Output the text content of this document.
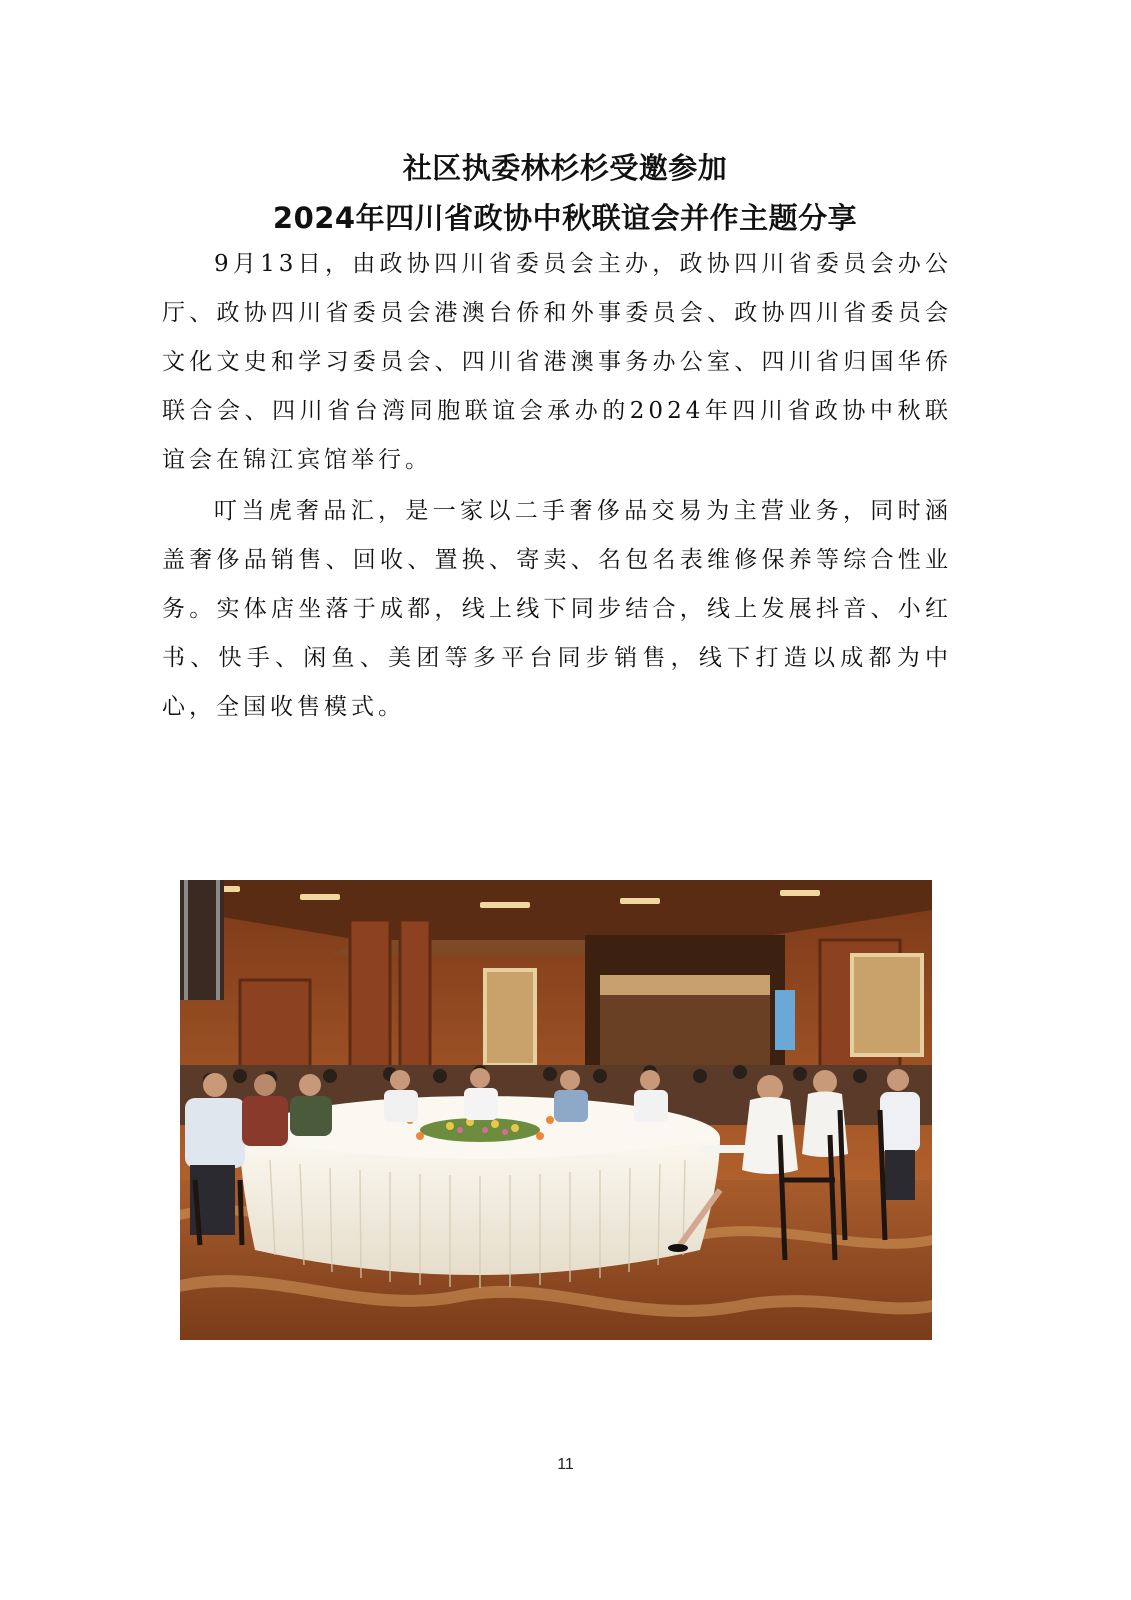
社区执委林杉杉受邀参加
2024年四川省政协中秋联谊会并作主题分享

9月13日，由政协四川省委员会主办，政协四川省委员会办公厅、政协四川省委员会港澳台侨和外事委员会、政协四川省委员会文化文史和学习委员会、四川省港澳事务办公室、四川省归国华侨联合会、四川省台湾同胞联谊会承办的2024年四川省政协中秋联谊会在锦江宾馆举行。

叮当虎奢品汇，是一家以二手奢侈品交易为主营业务，同时涵盖奢侈品销售、回收、置换、寄卖、名包名表维修保养等综合性业务。实体店坐落于成都，线上线下同步结合，线上发展抖音、小红书、快手、闲鱼、美团等多平台同步销售，线下打造以成都为中心，全国收售模式。

11
